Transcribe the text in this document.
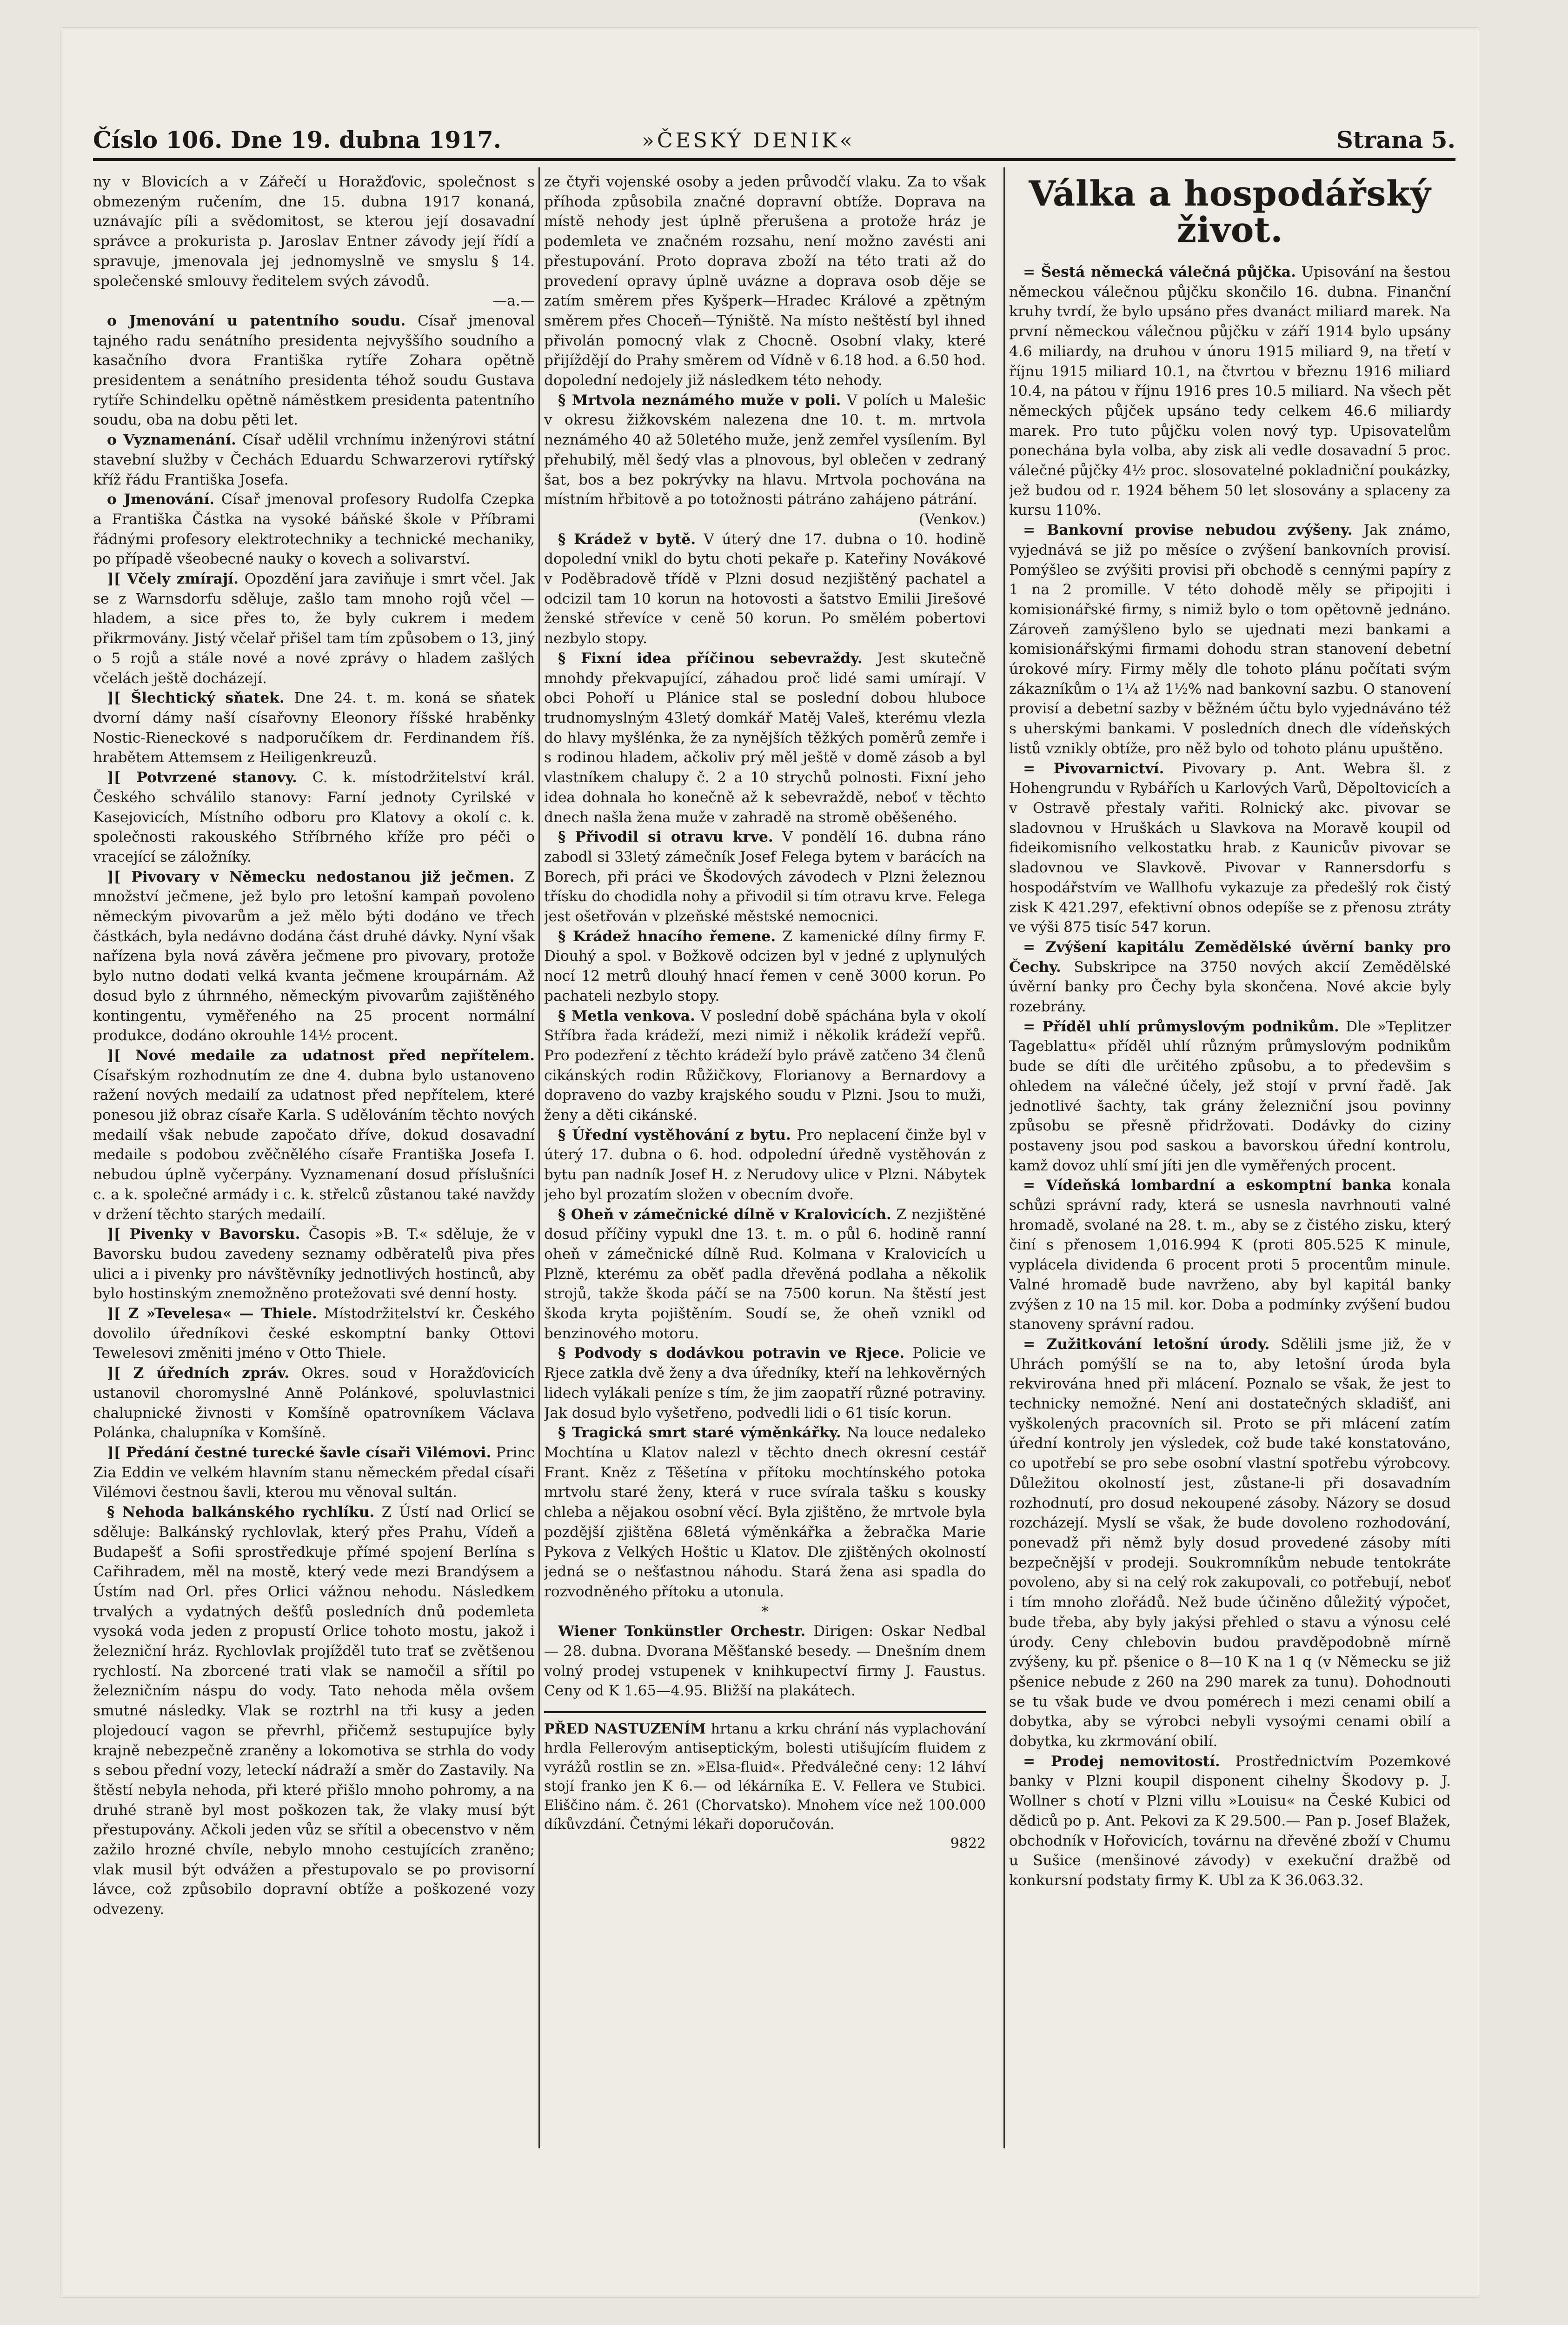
Číslo 106. Dne 19. dubna 1917.	»ČESKÝ DENIK«	Strana 5.

ny v Blovicích a v Zářečí u Horažďovic, společnost s obmezeným ručením, dne 15. dubna 1917 konaná, uznávajíc píli a svědomitost, se kterou její dosavadní správce a prokurista p. Jaroslav Entner závody její řídí a spravuje, jmenovala jej jednomyslně ve smyslu § 14. společenské smlouvy ředitelem svých závodů.

—a.—

o Jmenování u patentního soudu. Císař jmenoval tajného radu senátního presidenta nejvyššího soudního a kasačního dvora Františka rytíře Zohara opětně presidentem a senátního presidenta téhož soudu Gustava rytíře Schindelku opětně náměstkem presidenta patentního soudu, oba na dobu pěti let.

o Vyznamenání. Císař udělil vrchnímu inženýrovi státní stavební služby v Čechách Eduardu Schwarzerovi rytířský kříž řádu Františka Josefa.

o Jmenování. Císař jmenoval profesory Rudolfa Czepka a Františka Částka na vysoké báňské škole v Příbrami řádnými profesory elektrotechniky a technické mechaniky, po případě všeobecné nauky o kovech a solivarství.

][ Včely zmírají. Opozdění jara zaviňuje i smrt včel. Jak se z Warnsdorfu sděluje, zašlo tam mnoho rojů včel — hladem, a sice přes to, že byly cukrem i medem přikrmovány. Jistý včelař přišel tam tím způsobem o 13, jiný o 5 rojů a stále nové a nové zprávy o hladem zašlých včelách ještě docházejí.

][ Šlechtický sňatek. Dne 24. t. m. koná se sňatek dvorní dámy naší císařovny Eleonory říšské hraběnky Nostic-Rieneckové s nadporučíkem dr. Ferdinandem říš. hrabětem Attemsem z Heiligenkreuzů.

][ Potvrzené stanovy. C. k. místodržitelství král. Českého schválilo stanovy: Farní jednoty Cyrilské v Kasejovicích, Místního odboru pro Klatovy a okolí c. k. společnosti rakouského Stříbrného kříže pro péči o vracející se záložníky.

][ Pivovary v Německu nedostanou již ječmen. Z množství ječmene, jež bylo pro letošní kampaň povoleno německým pivovarům a jež mělo býti dodáno ve třech částkách, byla nedávno dodána část druhé dávky. Nyní však nařízena byla nová závěra ječmene pro pivovary, protože bylo nutno dodati velká kvanta ječmene kroupárnám. Až dosud bylo z úhrnného, německým pivovarům zajištěného kontingentu, vyměřeného na 25 procent normální produkce, dodáno okrouhle 14½ procent.

][ Nové medaile za udatnost před nepřítelem. Císařským rozhodnutím ze dne 4. dubna bylo ustanoveno ražení nových medailí za udatnost před nepřítelem, které ponesou již obraz císaře Karla. S udělováním těchto nových medailí však nebude započato dříve, dokud dosavadní medaile s podobou zvěčnělého císaře Františka Josefa I. nebudou úplně vyčerpány. Vyznamenaní dosud příslušníci c. a k. společné armády i c. k. střelců zůstanou také navždy v držení těchto starých medailí.

][ Pivenky v Bavorsku. Časopis »B. T.« sděluje, že v Bavorsku budou zavedeny seznamy odběratelů piva přes ulici a i pivenky pro návštěvníky jednotlivých hostinců, aby bylo hostinským znemožněno protežovati své denní hosty.

][ Z »Tevelesa« — Thiele. Místodržitelství kr. Českého dovolilo úředníkovi české eskomptní banky Ottovi Tewelesovi změniti jméno v Otto Thiele.

][ Z úředních zpráv. Okres. soud v Horažďovicích ustanovil choromyslné Anně Polánkové, spoluvlastnici chalupnické živnosti v Komšíně opatrovníkem Václava Polánka, chalupníka v Komšíně.

][ Předání čestné turecké šavle císaři Vilémovi. Princ Zia Eddin ve velkém hlavním stanu německém předal císaři Vilémovi čestnou šavli, kterou mu věnoval sultán.

§ Nehoda balkánského rychlíku. Z Ústí nad Orlicí se sděluje: Balkánský rychlovlak, který přes Prahu, Vídeň a Budapešť a Sofii sprostředkuje přímé spojení Berlína s Cařihradem, měl na mostě, který vede mezi Brandýsem a Ústím nad Orl. přes Orlici vážnou nehodu. Následkem trvalých a vydatných dešťů posledních dnů podemleta vysoká voda jeden z propustí Orlice tohoto mostu, jakož i železniční hráz. Rychlovlak projížděl tuto trať se zvětšenou rychlostí. Na zborcené trati vlak se namočil a sřítil po železničním náspu do vody. Tato nehoda měla ovšem smutné následky. Vlak se roztrhl na tři kusy a jeden plojedoucí vagon se převrhl, přičemž sestupujíce byly krajně nebezpečně zraněny a lokomotiva se strhla do vody s sebou přední vozy, leteckí nádraží a směr do Zastavily. Na štěstí nebyla nehoda, při které přišlo mnoho pohromy, a na druhé straně byl most poškozen tak, že vlaky musí být přestupovány. Ačkoli jeden vůz se sřítil a obecenstvo v něm zažilo hrozné chvíle, nebylo mnoho cestujících zraněno; vlak musil být odvážen a přestupovalo se po provisorní lávce, což způsobilo dopravní obtíže a poškozené vozy odvezeny.

ze čtyři vojenské osoby a jeden průvodčí vlaku. Za to však příhoda způsobila značné dopravní obtíže. Doprava na místě nehody jest úplně přerušena a protože hráz je podemleta ve značném rozsahu, není možno zavésti ani přestupování. Proto doprava zboží na této trati až do provedení opravy úplně uvázne a doprava osob děje se zatím směrem přes Kyšperk—Hradec Králové a zpětným směrem přes Choceň—Týniště. Na místo neštěstí byl ihned přivolán pomocný vlak z Chocně. Osobní vlaky, které přijíždějí do Prahy směrem od Vídně v 6.18 hod. a 6.50 hod. dopolední nedojely již následkem této nehody.

§ Mrtvola neznámého muže v poli. V polích u Malešic v okresu žižkovském nalezena dne 10. t. m. mrtvola neznámého 40 až 50letého muže, jenž zemřel vysílením. Byl přehubilý, měl šedý vlas a plnovous, byl oblečen v zedraný šat, bos a bez pokrývky na hlavu. Mrtvola pochována na místním hřbitově a po totožnosti pátráno zahájeno pátrání.

(Venkov.)

§ Krádež v bytě. V úterý dne 17. dubna o 10. hodině dopolední vnikl do bytu choti pekaře p. Kateřiny Novákové v Poděbradově třídě v Plzni dosud nezjištěný pachatel a odcizil tam 10 korun na hotovosti a šatstvo Emilii Jirešové ženské střevíce v ceně 50 korun. Po smělém pobertovi nezbylo stopy.

§ Fixní idea příčinou sebevraždy. Jest skutečně mnohdy překvapující, záhadou proč lidé sami umírají. V obci Pohoří u Plánice stal se poslední dobou hluboce trudnomyslným 43letý domkář Matěj Valeš, kterému vlezla do hlavy myšlénka, že za nynějších těžkých poměrů zemře i s rodinou hladem, ačkoliv prý měl ještě v domě zásob a byl vlastníkem chalupy č. 2 a 10 strychů polnosti. Fixní jeho idea dohnala ho konečně až k sebevraždě, neboť v těchto dnech našla žena muže v zahradě na stromě oběšeného.

§ Přivodil si otravu krve. V pondělí 16. dubna ráno zabodl si 33letý zámečník Josef Felega bytem v barácích na Borech, při práci ve Škodových závodech v Plzni železnou třísku do chodidla nohy a přivodil si tím otravu krve. Felega jest ošetřován v plzeňské městské nemocnici.

§ Krádež hnacího řemene. Z kamenické dílny firmy F. Diouhý a spol. v Božkově odcizen byl v jedné z uplynulých nocí 12 metrů dlouhý hnací řemen v ceně 3000 korun. Po pachateli nezbylo stopy.

§ Metla venkova. V poslední době spáchána byla v okolí Stříbra řada krádeží, mezi nimiž i několik krádeží vepřů. Pro podezření z těchto krádeží bylo právě zatčeno 34 členů cikánských rodin Růžičkovy, Florianovy a Bernardovy a dopraveno do vazby krajského soudu v Plzni. Jsou to muži, ženy a děti cikánské.

§ Úřední vystěhování z bytu. Pro neplacení činže byl v úterý 17. dubna o 6. hod. odpolední úředně vystěhován z bytu pan nadník Josef H. z Nerudovy ulice v Plzni. Nábytek jeho byl prozatím složen v obecním dvoře.

§ Oheň v zámečnické dílně v Kralovicích. Z nezjištěné dosud příčiny vypukl dne 13. t. m. o půl 6. hodině ranní oheň v zámečnické dílně Rud. Kolmana v Kralovicích u Plzně, kterému za oběť padla dřevěná podlaha a několik strojů, takže škoda páčí se na 7500 korun. Na štěstí jest škoda kryta pojištěním. Soudí se, že oheň vznikl od benzinového motoru.

§ Podvody s dodávkou potravin ve Rjece. Policie ve Rjece zatkla dvě ženy a dva úředníky, kteří na lehkověrných lidech vylákali peníze s tím, že jim zaopatří různé potraviny. Jak dosud bylo vyšetřeno, podvedli lidi o 61 tisíc korun.

§ Tragická smrt staré výměnkářky. Na louce nedaleko Mochtína u Klatov nalezl v těchto dnech okresní cestář Frant. Kněz z Těšetína v přítoku mochtínského potoka mrtvolu staré ženy, která v ruce svírala tašku s kousky chleba a nějakou osobní věcí. Byla zjištěno, že mrtvole byla pozdější zjištěna 68letá výměnkářka a žebračka Marie Pykova z Velkých Hoštic u Klatov. Dle zjištěných okolností jedná se o nešťastnou náhodu. Stará žena asi spadla do rozvodněného přítoku a utonula.

*

Wiener Tonkünstler Orchestr. Dirigen: Oskar Nedbal — 28. dubna. Dvorana Měšťanské besedy. — Dnešním dnem volný prodej vstupenek v knihkupectví firmy J. Faustus. Ceny od K 1.65—4.95. Bližší na plakátech.

PŘED NASTUZENÍM hrtanu a krku chrání nás vyplachování hrdla Fellerovým antiseptickým, bolesti utišujícím fluidem z vyrážů rostlin se zn. »Elsa-fluid«. Předválečné ceny: 12 láhví stojí franko jen K 6.— od lékárníka E. V. Fellera ve Stubici. Eliščino nám. č. 261 (Chorvatsko). Mnohem více než 100.000 díkůvzdání. Četnými lékaři doporučován.
9822
Válka a hospodářský život.

= Šestá německá válečná půjčka. Upisování na šestou německou válečnou půjčku skončilo 16. dubna. Finanční kruhy tvrdí, že bylo upsáno přes dvanáct miliard marek. Na první německou válečnou půjčku v září 1914 bylo upsány 4.6 miliardy, na druhou v únoru 1915 miliard 9, na třetí v říjnu 1915 miliard 10.1, na čtvrtou v březnu 1916 miliard 10.4, na pátou v říjnu 1916 pres 10.5 miliard. Na všech pět německých půjček upsáno tedy celkem 46.6 miliardy marek. Pro tuto půjčku volen nový typ. Upisovatelům ponechána byla volba, aby zisk ali vedle dosavadní 5 proc. válečné půjčky 4½ proc. slosovatelné pokladniční poukázky, jež budou od r. 1924 během 50 let slosovány a splaceny za kursu 110%.

= Bankovní provise nebudou zvýšeny. Jak známo, vyjednává se již po měsíce o zvýšení bankovních provisí. Pomýšleo se zvýšiti provisi při obchodě s cennými papíry z 1 na 2 promille. V této dohodě měly se připojiti i komisionářské firmy, s nimiž bylo o tom opětovně jednáno. Zároveň zamýšleno bylo se ujednati mezi bankami a komisionářskými firmami dohodu stran stanovení debetní úrokové míry. Firmy měly dle tohoto plánu počítati svým zákazníkům o 1¼ až 1½% nad bankovní sazbu. O stanovení provisí a debetní sazby v běžném účtu bylo vyjednáváno též s uherskými bankami. V posledních dnech dle vídeňských listů vznikly obtíže, pro něž bylo od tohoto plánu upuštěno.

= Pivovarnictví. Pivovary p. Ant. Webra šl. z Hohengrundu v Rybářích u Karlových Varů, Děpoltovicích a v Ostravě přestaly vařiti. Rolnický akc. pivovar se sladovnou v Hruškách u Slavkova na Moravě koupil od fideikomisního velkostatku hrab. z Kaunicův pivovar se sladovnou ve Slavkově. Pivovar v Rannersdorfu s hospodářstvím ve Wallhofu vykazuje za předešlý rok čistý zisk K 421.297, efektivní obnos odepíše se z přenosu ztráty ve výši 875 tisíc 547 korun.

= Zvýšení kapitálu Zemědělské úvěrní banky pro Čechy. Subskripce na 3750 nových akcií Zemědělské úvěrní banky pro Čechy byla skončena. Nové akcie byly rozebrány.

= Příděl uhlí průmyslovým podnikům. Dle »Teplitzer Tageblattu« příděl uhlí různým průmyslovým podnikům bude se díti dle určitého způsobu, a to předevšim s ohledem na válečné účely, jež stojí v první řadě. Jak jednotlivé šachty, tak grány železniční jsou povinny způsobu se přesně přidržovati. Dodávky do ciziny postaveny jsou pod saskou a bavorskou úřední kontrolu, kamž dovoz uhlí smí jíti jen dle vyměřených procent.

= Vídeňská lombardní a eskomptní banka konala schůzi správní rady, která se usnesla navrhnouti valné hromadě, svolané na 28. t. m., aby se z čistého zisku, který činí s přenosem 1,016.994 K (proti 805.525 K minule, vyplácela dividenda 6 procent proti 5 procentům minule. Valné hromadě bude navrženo, aby byl kapitál banky zvýšen z 10 na 15 mil. kor. Doba a podmínky zvýšení budou stanoveny správní radou.

= Zužitkování letošní úrody. Sdělili jsme již, že v Uhrách pomýšlí se na to, aby letošní úroda byla rekvirována hned při mlácení. Poznalo se však, že jest to technicky nemožné. Není ani dostatečných skladišť, ani vyškolených pracovních sil. Proto se při mlácení zatím úřední kontroly jen výsledek, což bude také konstatováno, co upotřebí se pro sebe osobní vlastní spotřebu výrobcovy. Důležitou okolností jest, zůstane-li při dosavadním rozhodnutí, pro dosud nekoupené zásoby. Názory se dosud rozcházejí. Myslí se však, že bude dovoleno rozhodování, ponevadž při němž byly dosud provedené zásoby míti bezpečnější v prodeji. Soukromníkům nebude tentokráte povoleno, aby si na celý rok zakupovali, co potřebují, neboť i tím mnoho zlořádů. Než bude účiněno důležitý výpočet, bude třeba, aby byly jakýsi přehled o stavu a výnosu celé úrody. Ceny chlebovin budou pravděpodobně mírně zvýšeny, ku př. pšenice o 8—10 K na 1 q (v Německu se již pšenice nebude z 260 na 290 marek za tunu). Dohodnouti se tu však bude ve dvou pomérech i mezi cenami obilí a dobytka, aby se výrobci nebyli vysoými cenami obilí a dobytka, ku zkrmování obilí.

= Prodej nemovitostí. Prostřednictvím Pozemkové banky v Plzni koupil disponent cihelny Škodovy p. J. Wollner s chotí v Plzni villu »Louisu« na České Kubici od dědiců po p. Ant. Pekovi za K 29.500.— Pan p. Josef Blažek, obchodník v Hořovicích, továrnu na dřevěné zboží v Chumu u Sušice (menšinové závody) v exekuční dražbě od konkursní podstaty firmy K. Ubl za K 36.063.32.
